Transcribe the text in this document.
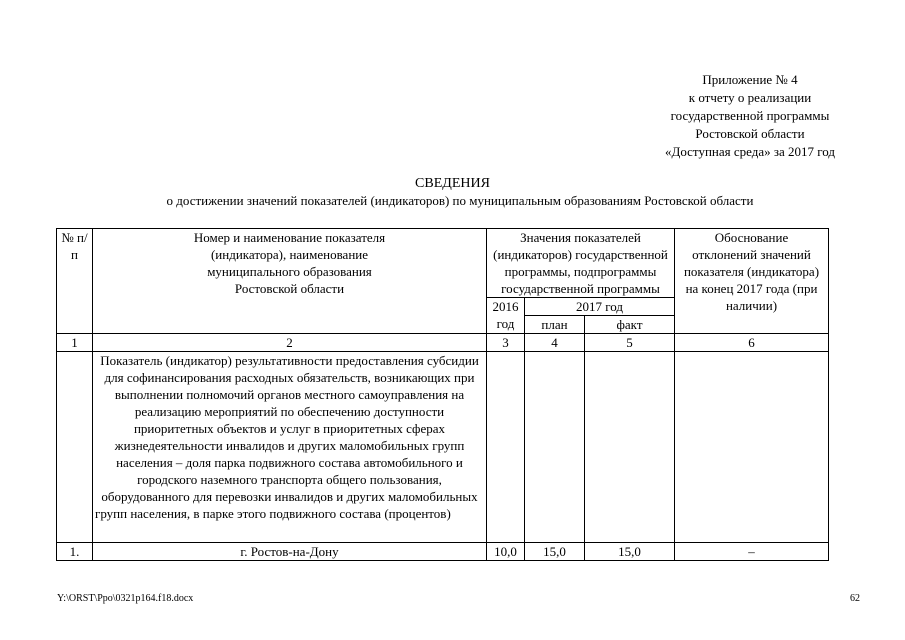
Приложение № 4
к отчету о реализации
государственной программы
Ростовской области
«Доступная среда» за 2017 год
СВЕДЕНИЯ
о достижении значений показателей (индикаторов) по муниципальным образованиям Ростовской области
№ п/п	Номер и наименование показателя (индикатора), наименование муниципального образования Ростовской области	Значения показателей (индикаторов) государственной программы, подпрограммы государственной программы			Обоснование отклонений значений показателя (индикатора) на конец 2017 года (при наличии)
		2016 год	2017 год		
			план	факт	
1	2	3	4	5	6
	Показатель (индикатор) результативности предоставления субсидии для софинансирования расходных обязательств, возникающих при выполнении полномочий органов местного самоуправления на реализацию мероприятий по обеспечению доступности приоритетных объектов и услуг в приоритетных сферах жизнедеятельности инвалидов и других маломобильных групп населения – доля парка подвижного состава автомобильного и городского наземного транспорта общего пользования, оборудованного для перевозки инвалидов и других маломобильных групп населения, в парке этого подвижного состава (процентов)				
1.	г. Ростов-на-Дону	10,0	15,0	15,0	–
Y:\ORST\Ppo\0321p164.f18.docx	62
